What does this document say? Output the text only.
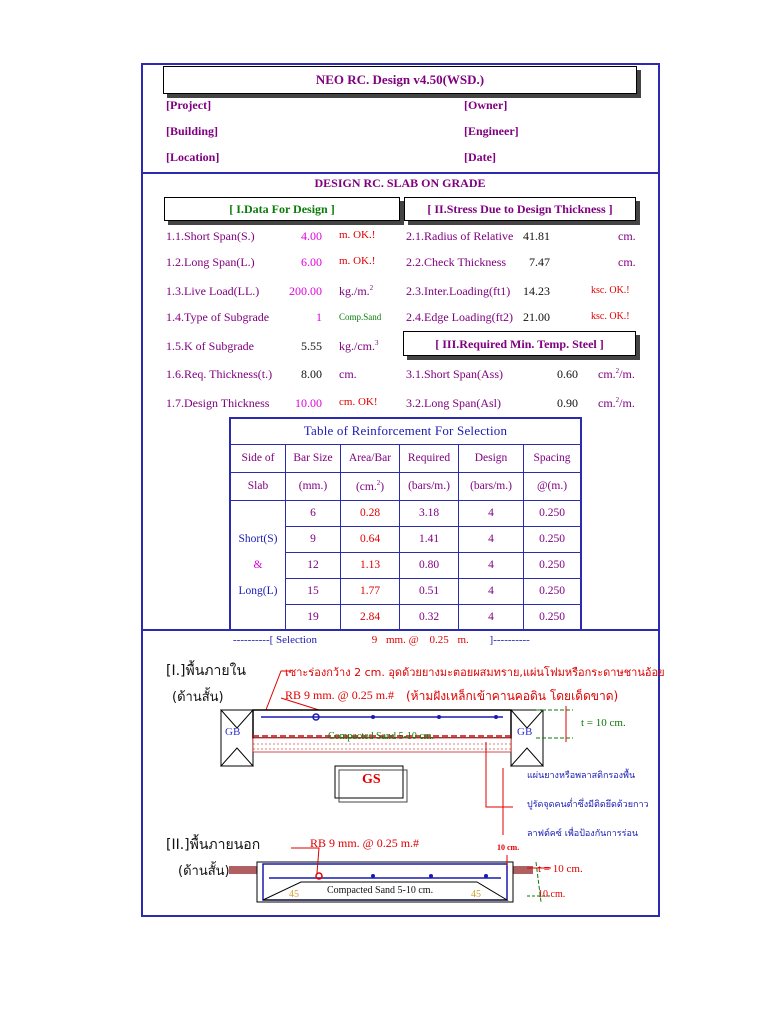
NEO RC. Design v4.50(WSD.)
[Project]	[Owner]
[Building]	[Engineer]
[Location]	[Date]
DESIGN RC. SLAB ON GRADE
[ I.Data For Design ]	[ II.Stress Due to Design Thickness ]
[ III.Required Min. Temp. Steel ]
1.1.Short Span(S.)	4.00 m. OK.!
1.2.Long Span(L.)	6.00 m. OK.!
1.3.Live Load(LL.)	200.00 kg./m.$^2$
1.4.Type of Subgrade	1 Comp.Sand
1.5.K of Subgrade	5.55 kg./cm.$^3$
1.6.Req. Thickness(t.)	8.00 cm.
1.7.Design Thickness	10.00 cm. OK!
2.1.Radius of Relative 41.81	cm.
2.2.Check Thickness	7.47	cm.
2.3.Inter.Loading(ft1) 14.23	ksc. OK.!
2.4.Edge Loading(ft2) 21.00	ksc. OK.!
3.1.Short Span(Ass)	0.60 cm.$^2$/m.
3.2.Long Span(Asl)	0.90 cm.$^2$/m.
Table of Reinforcement For Selection					
Side of	Bar Size	Area/Bar	Required	Design	Spacing
Slab	(mm.)	(cm.$^2$)	(bars/m.)	(bars/m.)	@(m.)
	6	0.28	3.18	4	0.250
Short(S)	9	0.64	1.41	4	0.250
&	12	1.13	0.80	4	0.250
Long(L)	15	1.77	0.51	4	0.250
	19	2.84	0.32	4	0.250
----------[ Selection	9 mm. @ 0.25 m. ]----------
[I.]พื้นภายใน
(ด้านสั้น)
เซาะร่องกว้าง 2 cm. อุดด้วยยางมะตอยผสมทราย,แผ่นโฟมหรือกระดาษชานอ้อย
RB 9 mm. @ 0.25 m.# (ห้ามฝังเหล็กเข้าคานคอดิน โดยเด็ดขาด)
GB	GB
Compacted Sand 5-10 cm.
t = 10 cm.
GS	แผ่นยางหรือพลาสติกรองพื้น
ปูรัดจุดคนต่ำซึ่งมีติดยึดด้วยกาว
ลาฟต์คซ์ เพื่อป้องกันการร่อน
[II.]พื้นภายนอก
(ด้านสั้น)
RB 9 mm. @ 0.25 m.#	10 cm.
t = 10 cm.
10 cm.
Compacted Sand 5-10 cm.
45	45
